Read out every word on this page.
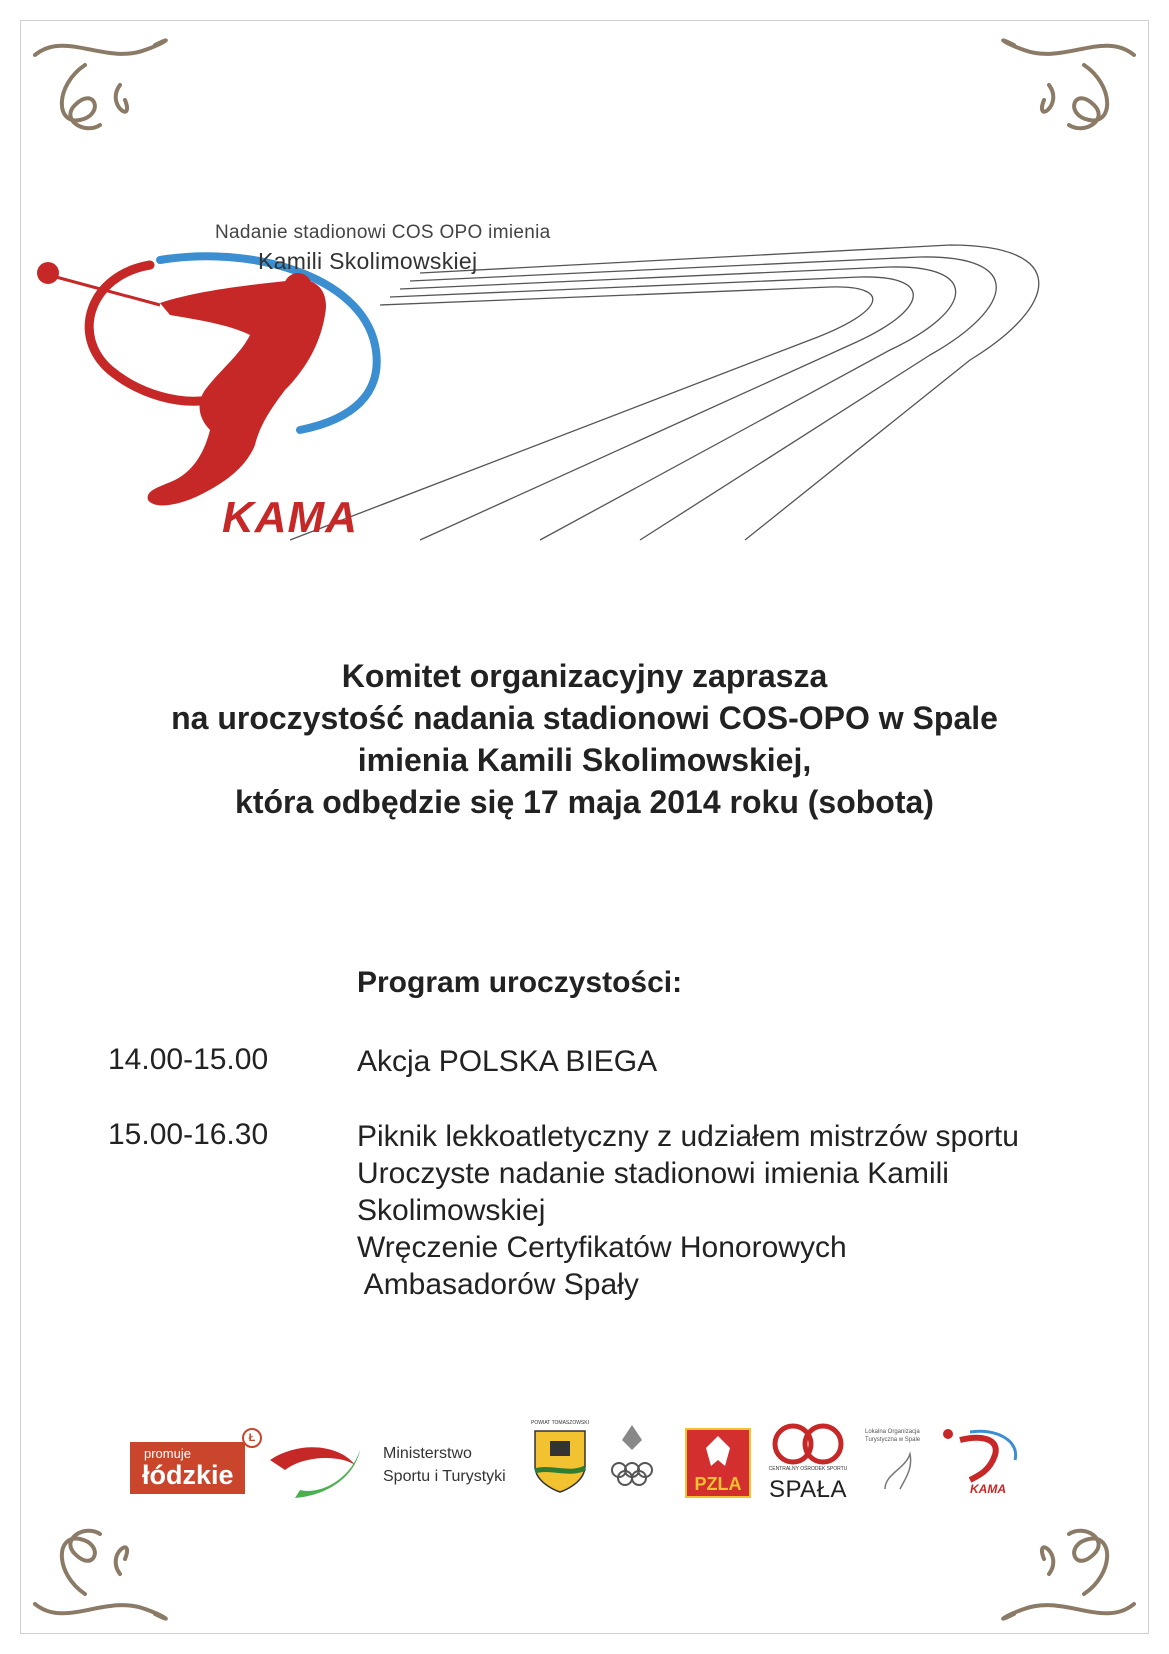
Nadanie stadionowi COS OPO imienia
Kamili Skolimowskiej
KAMA
Komitet organizacyjny zaprasza
na uroczystość nadania stadionowi COS-OPO w Spale
imienia Kamili Skolimowskiej,
która odbędzie się 17 maja 2014 roku (sobota)
Program uroczystości:
14.00-15.00	Akcja POLSKA BIEGA
15.00-16.30	Piknik lekkoatletyczny z udziałem mistrzów sportu
Uroczyste nadanie stadionowi imienia Kamili
Skolimowskiej
Wręczenie Certyfikatów Honorowych
Ambasadorów Spały
promuje
łódzkie
Ł
Ministerstwo
Sportu i Turystyki
POWIAT TOMASZOWSKI
PZLA
CENTRALNY OŚRODEK SPORTU
SPAŁA
Lokalna Organizacja Turystyczna w Spale
KAMA
